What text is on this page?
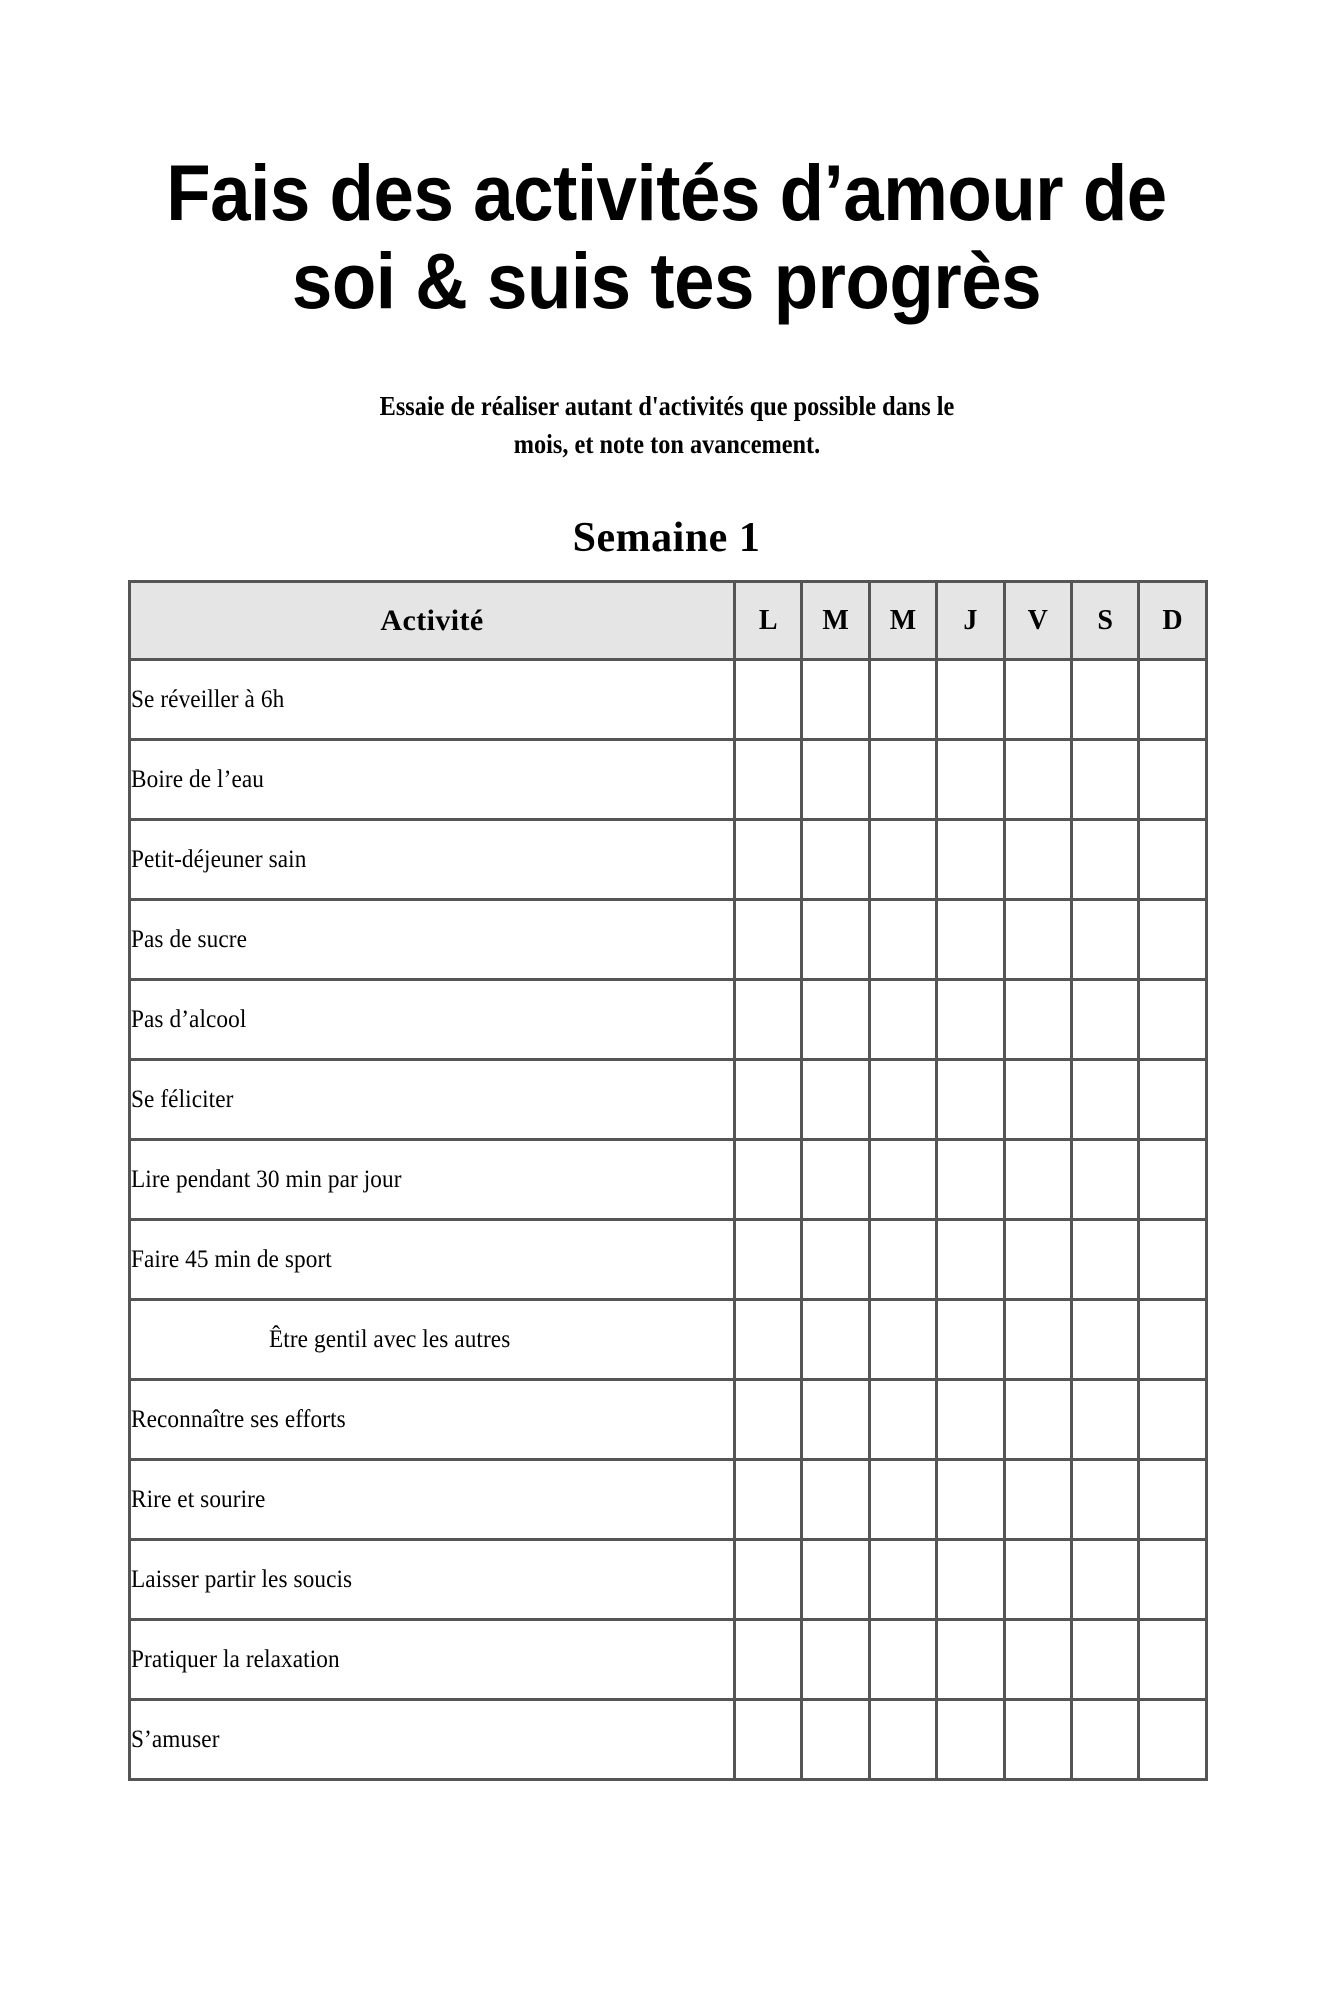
Fais des activités d’amour de
soi & suis tes progrès

Essaie de réaliser autant d'activités que possible dans le
mois, et note ton avancement.

Semaine 1
Activité	L	M	M	J	V	S	D
Se réveiller à 6h							
Boire de l’eau							
Petit-déjeuner sain							
Pas de sucre							
Pas d’alcool							
Se féliciter							
Lire pendant 30 min par jour							
Faire 45 min de sport							
Être gentil avec les autres							
Reconnaître ses efforts							
Rire et sourire							
Laisser partir les soucis							
Pratiquer la relaxation							
S’amuser							
